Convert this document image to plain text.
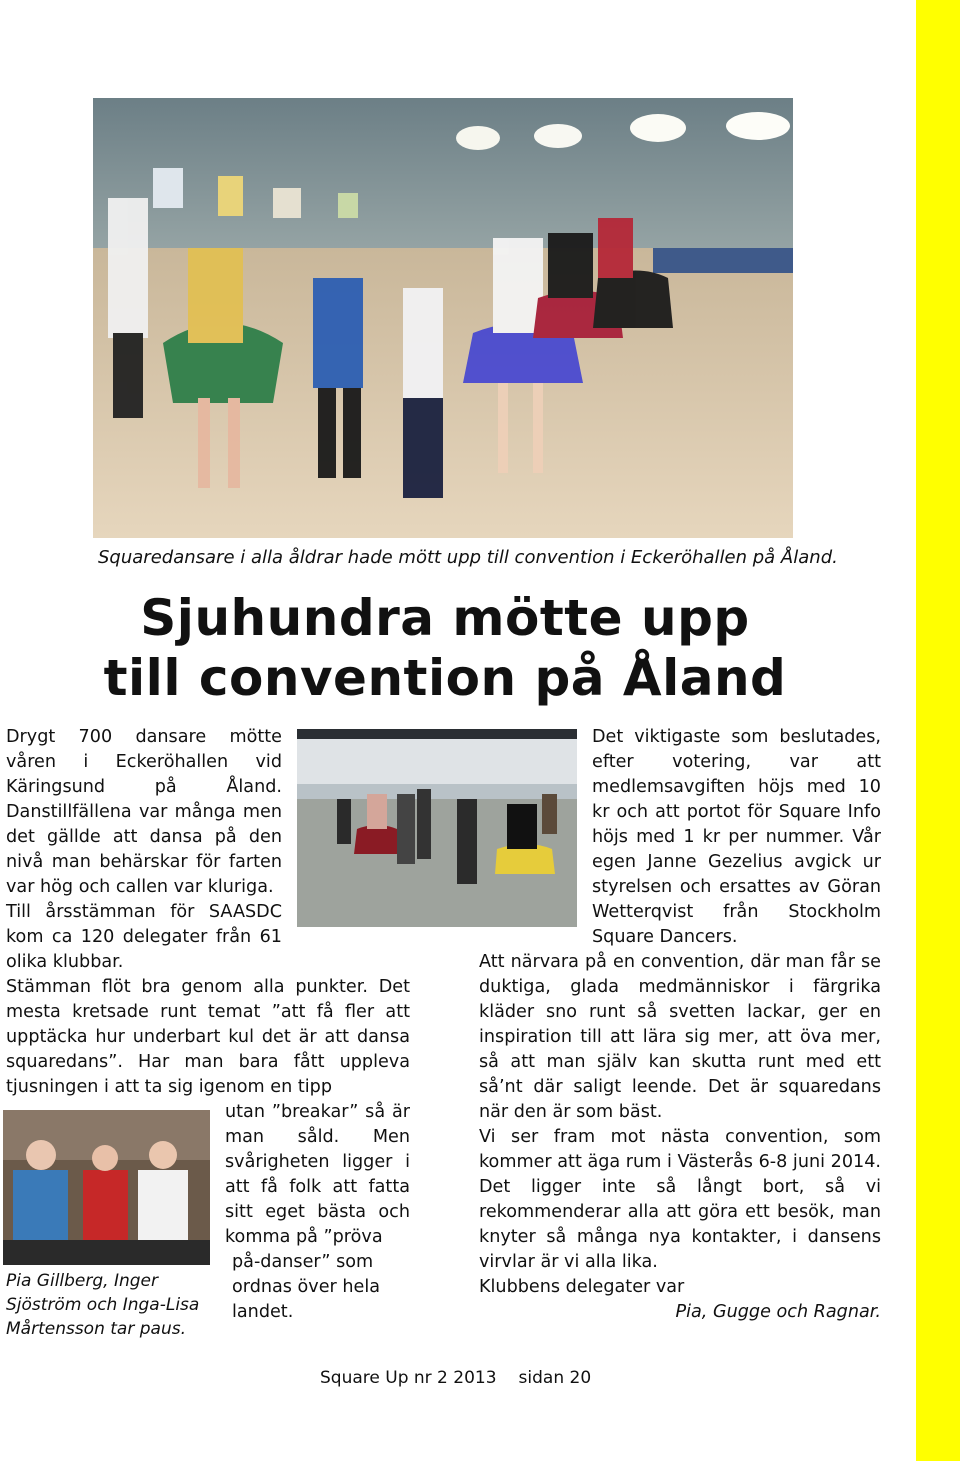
Squaredansare i alla åldrar hade mött upp till convention i Eckeröhallen på Åland.
Sjuhundra mötte upp
till convention på Åland

Drygt 700 dansare mötte våren i Eckeröhallen vid Käringsund på Åland. Danstillfällena var många men det gällde att dansa på den nivå man behärskar för farten var hög och callen var kluriga.

Till årsstämman för SAASDC kom ca 120 delegater från 61 olika klubbar.

Stämman flöt bra genom alla punkter. Det mesta kretsade runt temat ”att få fler att upptäcka hur underbart kul det är att dansa squaredans”. Har man bara fått uppleva tjusningen i att ta sig igenom en tipp

utan ”breakar” så är man såld. Men svårigheten ligger i att få folk att fatta sitt eget bästa och komma på ”pröva

på-danser” som ordnas över hela landet.

Pia Gillberg, Inger Sjöström och Inga-Lisa Mårtensson tar paus.

Det viktigaste som beslutades, efter votering, var att medlemsavgiften höjs med 10 kr och att portot för Square Info höjs med 1 kr per nummer. Vår egen Janne Gezelius avgick ur styrelsen och ersattes av Göran Wetterqvist från Stockholm Square Dancers.

Att närvara på en convention, där man får se duktiga, glada medmänniskor i färgrika kläder sno runt så svetten lackar, ger en inspiration till att lära sig mer, att öva mer, så att man själv kan skutta runt med ett så’nt där saligt leende. Det är squaredans när den är som bäst.

Vi ser fram mot nästa convention, som kommer att äga rum i Västerås 6-8 juni 2014. Det ligger inte så långt bort, så vi rekommenderar alla att göra ett besök, man knyter så många nya kontakter, i dansens virvlar är vi alla lika.

Klubbens delegater var

Pia, Gugge och Ragnar.

Square Up nr 2 2013 sidan 20
